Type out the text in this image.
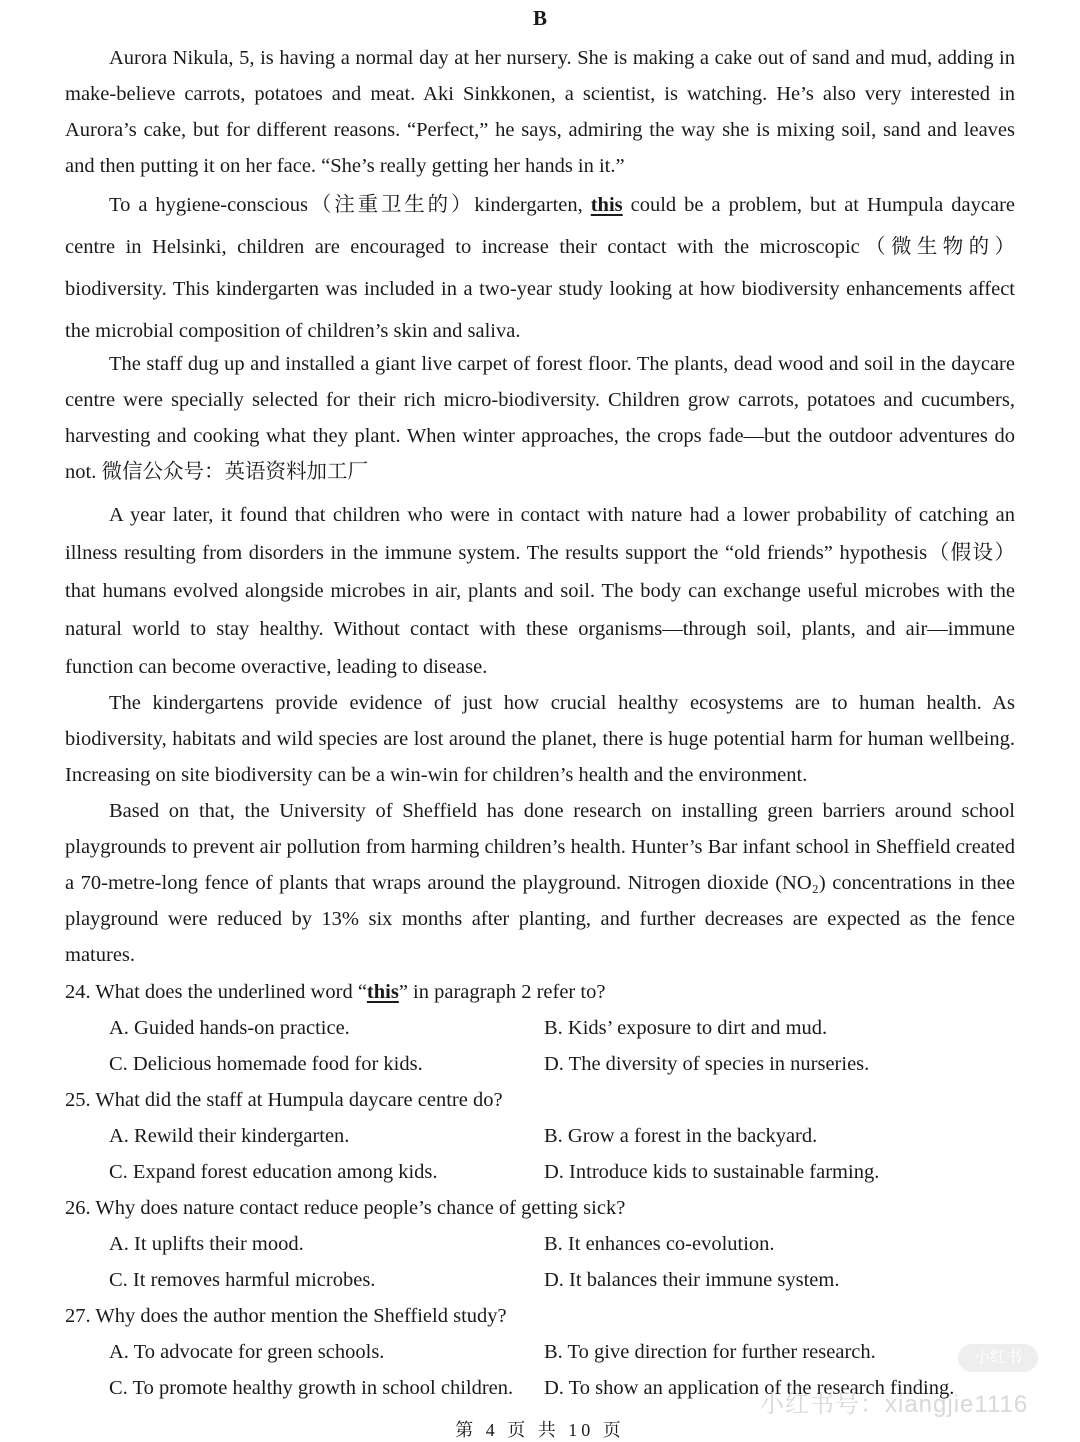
B

Aurora Nikula, 5, is having a normal day at her nursery. She is making a cake out of sand and mud, adding in make-believe carrots, potatoes and meat. Aki Sinkkonen, a scientist, is watching. He’s also very interested in Aurora’s cake, but for different reasons. “Perfect,” he says, admiring the way she is mixing soil, sand and leaves and then putting it on her face. “She’s really getting her hands in it.”

To a hygiene-conscious（注重卫生的）kindergarten, this could be a problem, but at Humpula daycare centre in Helsinki, children are encouraged to increase their contact with the microscopic（微生物的）biodiversity. This kindergarten was included in a two-year study looking at how biodiversity enhancements affect the microbial composition of children’s skin and saliva.

The staff dug up and installed a giant live carpet of forest floor. The plants, dead wood and soil in the daycare centre were specially selected for their rich micro-biodiversity. Children grow carrots, potatoes and cucumbers, harvesting and cooking what they plant. When winter approaches, the crops fade—but the outdoor adventures do not. 微信公众号：英语资料加工厂

A year later, it found that children who were in contact with nature had a lower probability of catching an illness resulting from disorders in the immune system. The results support the “old friends” hypothesis（假设）that humans evolved alongside microbes in air, plants and soil. The body can exchange useful microbes with the natural world to stay healthy. Without contact with these organisms—through soil, plants, and air—immune function can become overactive, leading to disease.

The kindergartens provide evidence of just how crucial healthy ecosystems are to human health. As biodiversity, habitats and wild species are lost around the planet, there is huge potential harm for human wellbeing. Increasing on site biodiversity can be a win-win for children’s health and the environment.

Based on that, the University of Sheffield has done research on installing green barriers around school playgrounds to prevent air pollution from harming children’s health. Hunter’s Bar infant school in Sheffield created a 70-metre-long fence of plants that wraps around the playground. Nitrogen dioxide (NO₂) concentrations in thee playground were reduced by 13% six months after planting, and further decreases are expected as the fence matures.

24. What does the underlined word “this” in paragraph 2 refer to?
A. Guided hands-on practice.	B. Kids’ exposure to dirt and mud.
C. Delicious homemade food for kids.	D. The diversity of species in nurseries.
25. What did the staff at Humpula daycare centre do?
A. Rewild their kindergarten.	B. Grow a forest in the backyard.
C. Expand forest education among kids.	D. Introduce kids to sustainable farming.
26. Why does nature contact reduce people’s chance of getting sick?
A. It uplifts their mood.	B. It enhances co-evolution.
C. It removes harmful microbes.	D. It balances their immune system.
27. Why does the author mention the Sheffield study?
A. To advocate for green schools.	B. To give direction for further research.
C. To promote healthy growth in school children.	D. To show an application of the research finding.
小红书
小红书号：xiangjie1116
第 4 页 共 10 页
